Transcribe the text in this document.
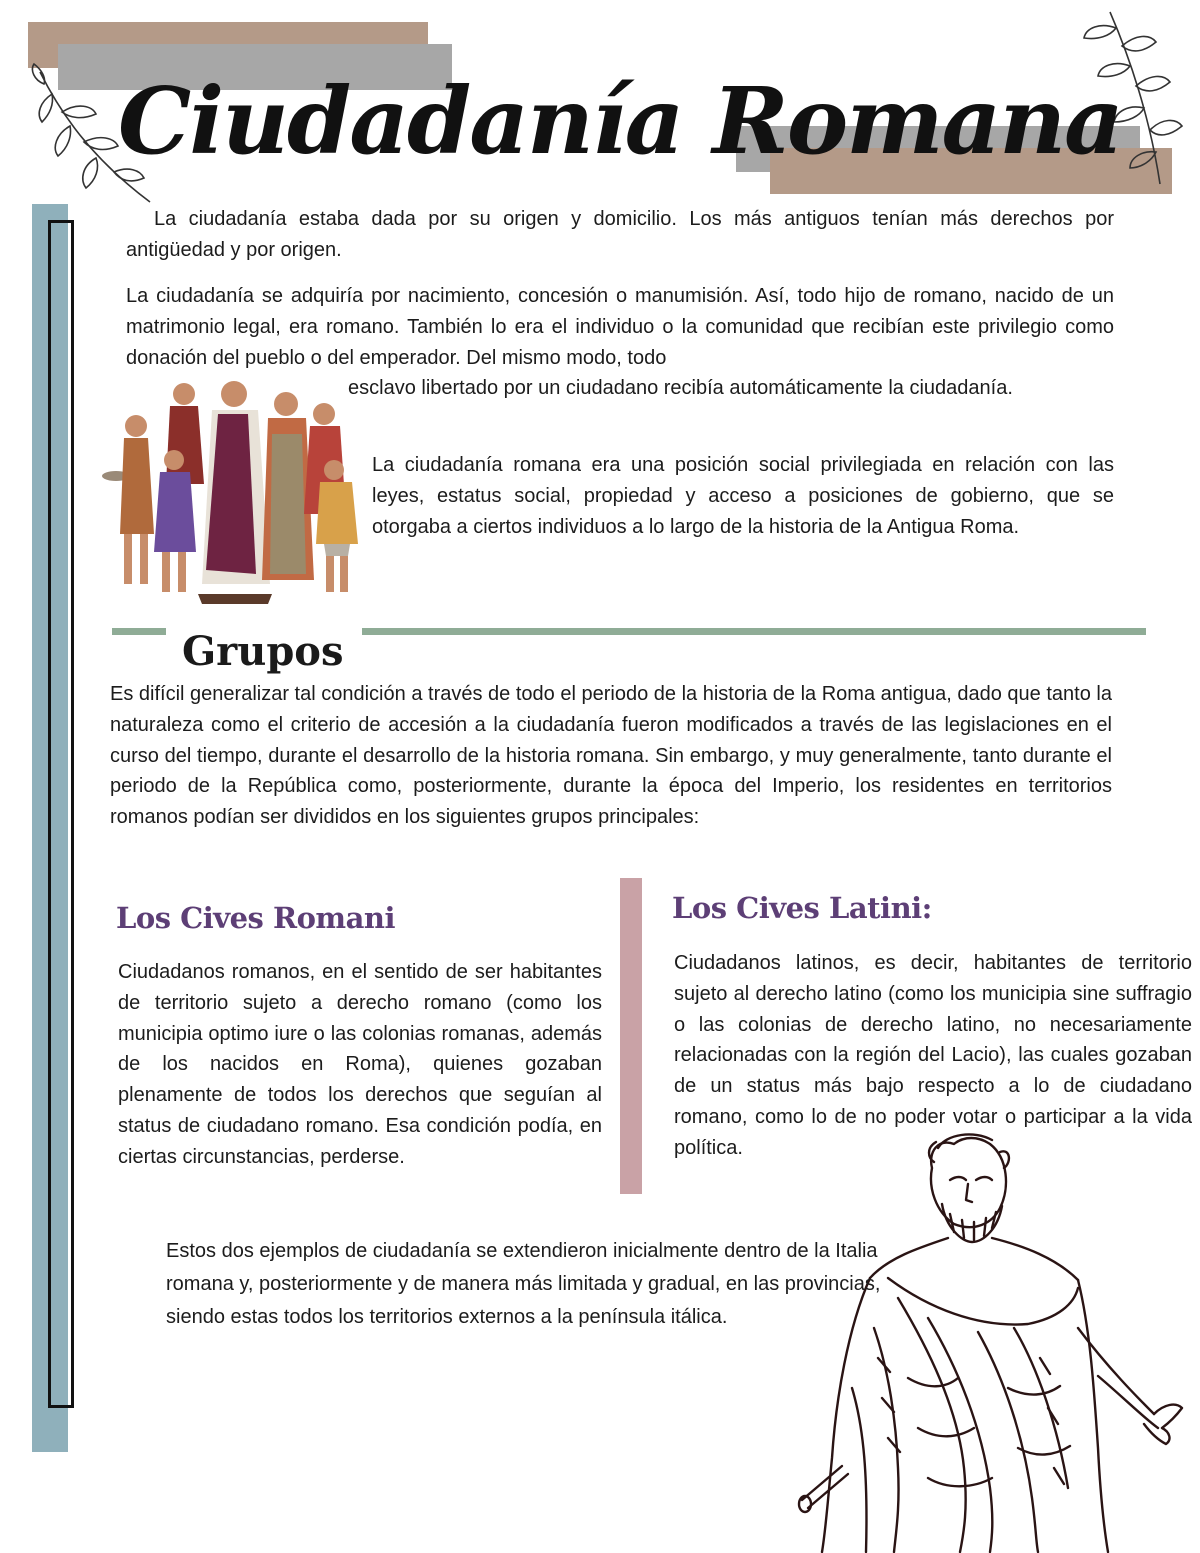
Ciudadanía Romana

La ciudadanía estaba dada por su origen y domicilio. Los más antiguos tenían más derechos por antigüedad y por origen.

La ciudadanía se adquiría por nacimiento, concesión o manumisión. Así, todo hijo de romano, nacido de un matrimonio legal, era romano. También lo era el individuo o la comunidad que recibían este privilegio como donación del pueblo o del emperador. Del mismo modo, todo

esclavo libertado por un ciudadano recibía automáticamente la ciudadanía.

La ciudadanía romana era una posición social privilegiada en relación con las leyes, estatus social, propiedad y acceso a posiciones de gobierno, que se otorgaba a ciertos individuos a lo largo de la historia de la Antigua Roma.

Grupos

Es difícil generalizar tal condición a través de todo el periodo de la historia de la Roma antigua, dado que tanto la naturaleza como el criterio de accesión a la ciudadanía fueron modificados a través de las legislaciones en el curso del tiempo, durante el desarrollo de la historia romana. Sin embargo, y muy generalmente, tanto durante el periodo de la República como, posteriormente, durante la época del Imperio, los residentes en territorios romanos podían ser divididos en los siguientes grupos principales:

Los Cives Romani

Ciudadanos romanos, en el sentido de ser habitantes de territorio sujeto a derecho romano (como los municipia optimo iure o las colonias romanas, además de los nacidos en Roma), quienes gozaban plenamente de todos los derechos que seguían al status de ciudadano romano. Esa condición podía, en ciertas circunstancias, perderse.

Los Cives Latini:

Ciudadanos latinos, es decir, habitantes de territorio sujeto al derecho latino (como los municipia sine suffragio o las colonias de derecho latino, no necesariamente relacionadas con la región del Lacio), las cuales gozaban de un status más bajo respecto a lo de ciudadano romano, como lo de no poder votar o participar a la vida política.

Estos dos ejemplos de ciudadanía se extendieron inicialmente dentro de la Italia romana y, posteriormente y de manera más limitada y gradual, en las provincias, siendo estas todos los territorios externos a la península itálica.
